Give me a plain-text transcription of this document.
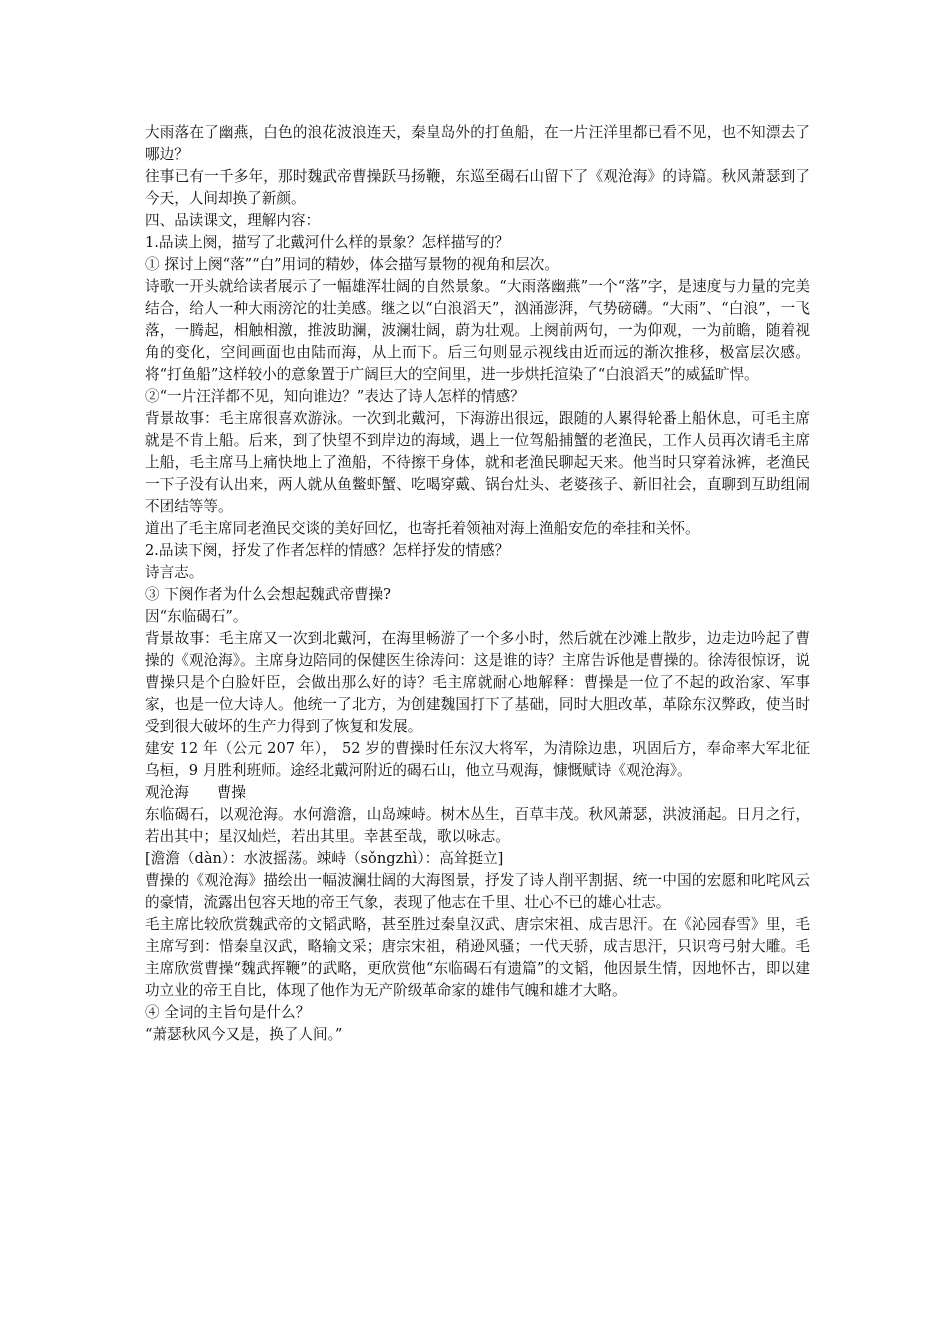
大雨落在了幽燕，白色的浪花波浪连天，秦皇岛外的打鱼船，在一片汪洋里都已看不见，也不知漂去了哪边？

往事已有一千多年，那时魏武帝曹操跃马扬鞭，东巡至碣石山留下了《观沧海》的诗篇。秋风萧瑟到了今天，人间却换了新颜。

四、品读课文，理解内容：

1.品读上阕，描写了北戴河什么样的景象？怎样描写的？

① 探讨上阕“落”“白”用词的精妙，体会描写景物的视角和层次。

诗歌一开头就给读者展示了一幅雄浑壮阔的自然景象。“大雨落幽燕”一个“落”字，是速度与力量的完美结合，给人一种大雨滂沱的壮美感。继之以“白浪滔天”，汹涌澎湃，气势磅礴。“大雨”、“白浪”，一飞落，一腾起，相触相激，推波助澜，波澜壮阔，蔚为壮观。上阕前两句，一为仰观，一为前瞻，随着视角的变化，空间画面也由陆而海，从上而下。后三句则显示视线由近而远的渐次推移，极富层次感。将“打鱼船”这样较小的意象置于广阔巨大的空间里，进一步烘托渲染了“白浪滔天”的威猛旷悍。

②“一片汪洋都不见，知向谁边？”表达了诗人怎样的情感？

背景故事：毛主席很喜欢游泳。一次到北戴河，下海游出很远，跟随的人累得轮番上船休息，可毛主席就是不肯上船。后来，到了快望不到岸边的海域，遇上一位驾船捕蟹的老渔民，工作人员再次请毛主席上船，毛主席马上痛快地上了渔船，不待擦干身体，就和老渔民聊起天来。他当时只穿着泳裤，老渔民一下子没有认出来，两人就从鱼鳖虾蟹、吃喝穿戴、锅台灶头、老婆孩子、新旧社会，直聊到互助组闹不团结等等。

道出了毛主席同老渔民交谈的美好回忆，也寄托着领袖对海上渔船安危的牵挂和关怀。

2.品读下阕，抒发了作者怎样的情感？怎样抒发的情感？

诗言志。

③ 下阕作者为什么会想起魏武帝曹操?

因“东临碣石”。

背景故事：毛主席又一次到北戴河，在海里畅游了一个多小时，然后就在沙滩上散步，边走边吟起了曹操的《观沧海》。主席身边陪同的保健医生徐涛问：这是谁的诗？主席告诉他是曹操的。徐涛很惊讶，说曹操只是个白脸奸臣，会做出那么好的诗？毛主席就耐心地解释：曹操是一位了不起的政治家、军事家，也是一位大诗人。他统一了北方，为创建魏国打下了基础，同时大胆改革，革除东汉弊政，使当时受到很大破坏的生产力得到了恢复和发展。

建安 12 年（公元 207 年）， 52 岁的曹操时任东汉大将军，为清除边患，巩固后方，奉命率大军北征乌桓，9 月胜利班师。途经北戴河附近的碣石山，他立马观海，慷慨赋诗《观沧海》。

观沧海 曹操

东临碣石，以观沧海。水何澹澹，山岛竦峙。树木丛生，百草丰茂。秋风萧瑟，洪波涌起。日月之行，若出其中；星汉灿烂，若出其里。幸甚至哉，歌以咏志。

[澹澹（dàn）：水波摇荡。竦峙（sǒngzhì）：高耸挺立]

曹操的《观沧海》描绘出一幅波澜壮阔的大海图景，抒发了诗人削平割据、统一中国的宏愿和叱咤风云的豪情，流露出包容天地的帝王气象，表现了他志在千里、壮心不已的雄心壮志。

毛主席比较欣赏魏武帝的文韬武略，甚至胜过秦皇汉武、唐宗宋祖、成吉思汗。在《沁园春雪》里，毛主席写到：惜秦皇汉武，略输文采；唐宗宋祖，稍逊风骚；一代天骄，成吉思汗，只识弯弓射大雕。毛主席欣赏曹操“魏武挥鞭”的武略，更欣赏他“东临碣石有遗篇”的文韬，他因景生情，因地怀古，即以建功立业的帝王自比，体现了他作为无产阶级革命家的雄伟气魄和雄才大略。

④ 全词的主旨句是什么？

“萧瑟秋风今又是，换了人间。”
